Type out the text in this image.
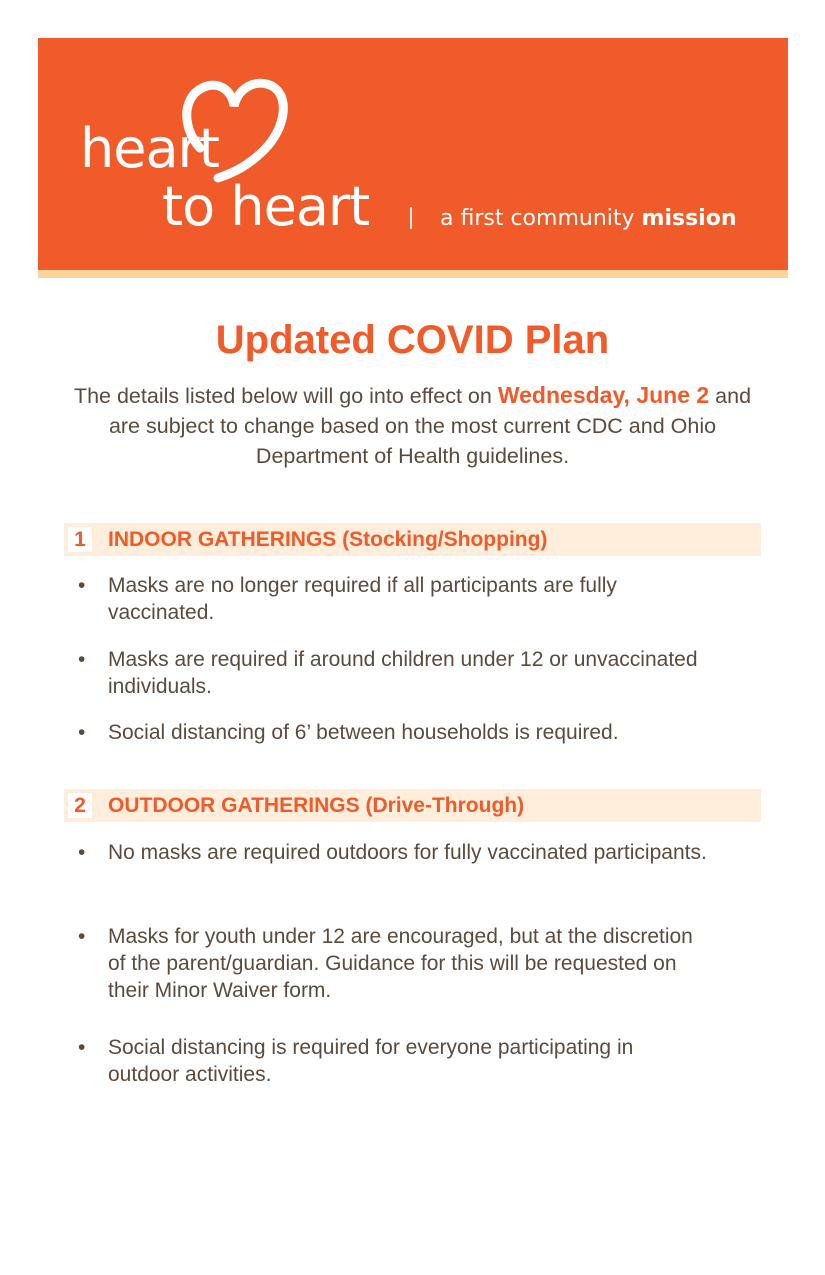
heart
to heart	a first community mission
Updated COVID Plan
The details listed below will go into effect on Wednesday, June 2 and are subject to change based on the most current CDC and Ohio Department of Health guidelines.
1	INDOOR GATHERINGS (Stocking/Shopping)
• Masks are no longer required if all participants are fully vaccinated.
• Masks are required if around children under 12 or unvaccinated individuals.
• Social distancing of 6’ between households is required.
2	OUTDOOR GATHERINGS (Drive-Through)
• No masks are required outdoors for fully vaccinated participants.
• Masks for youth under 12 are encouraged, but at the discretion of the parent/guardian. Guidance for this will be requested on their Minor Waiver form.
• Social distancing is required for everyone participating in outdoor activities.
